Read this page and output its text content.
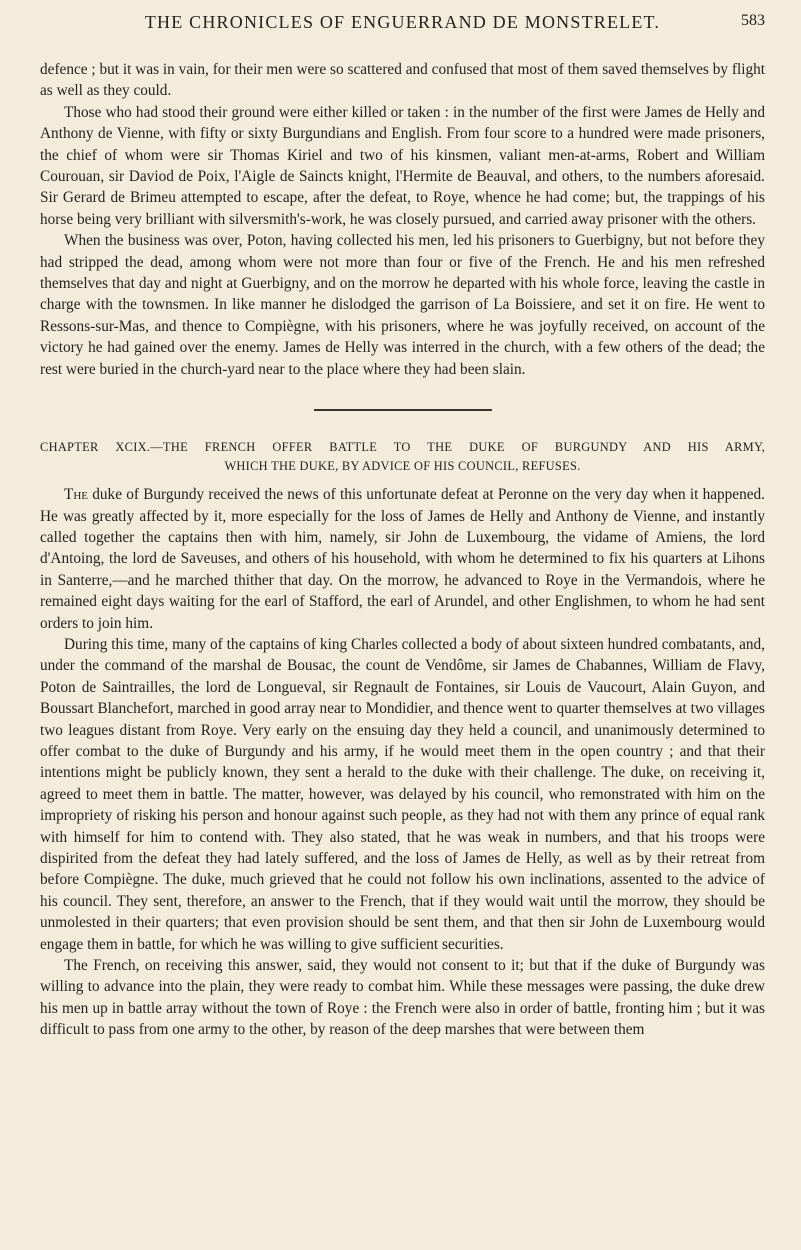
THE CHRONICLES OF ENGUERRAND DE MONSTRELET.	583

defence ; but it was in vain, for their men were so scattered and confused that most of them saved themselves by flight as well as they could.

Those who had stood their ground were either killed or taken : in the number of the first were James de Helly and Anthony de Vienne, with fifty or sixty Burgundians and English. From four score to a hundred were made prisoners, the chief of whom were sir Thomas Kiriel and two of his kinsmen, valiant men-at-arms, Robert and William Courouan, sir Daviod de Poix, l'Aigle de Saincts knight, l'Hermite de Beauval, and others, to the numbers aforesaid. Sir Gerard de Brimeu attempted to escape, after the defeat, to Roye, whence he had come; but, the trappings of his horse being very brilliant with silversmith's-work, he was closely pursued, and carried away prisoner with the others.

When the business was over, Poton, having collected his men, led his prisoners to Guerbigny, but not before they had stripped the dead, among whom were not more than four or five of the French. He and his men refreshed themselves that day and night at Guerbigny, and on the morrow he departed with his whole force, leaving the castle in charge with the townsmen. In like manner he dislodged the garrison of La Boissiere, and set it on fire. He went to Ressons-sur-Mas, and thence to Compiègne, with his prisoners, where he was joyfully received, on account of the victory he had gained over the enemy. James de Helly was interred in the church, with a few others of the dead; the rest were buried in the church-yard near to the place where they had been slain.

CHAPTER XCIX.—THE FRENCH OFFER BATTLE TO THE DUKE OF BURGUNDY AND HIS ARMY,
WHICH THE DUKE, BY ADVICE OF HIS COUNCIL, REFUSES.

The duke of Burgundy received the news of this unfortunate defeat at Peronne on the very day when it happened. He was greatly affected by it, more especially for the loss of James de Helly and Anthony de Vienne, and instantly called together the captains then with him, namely, sir John de Luxembourg, the vidame of Amiens, the lord d'Antoing, the lord de Saveuses, and others of his household, with whom he determined to fix his quarters at Lihons in Santerre,—and he marched thither that day. On the morrow, he advanced to Roye in the Vermandois, where he remained eight days waiting for the earl of Stafford, the earl of Arundel, and other Englishmen, to whom he had sent orders to join him.

During this time, many of the captains of king Charles collected a body of about sixteen hundred combatants, and, under the command of the marshal de Bousac, the count de Vendôme, sir James de Chabannes, William de Flavy, Poton de Saintrailles, the lord de Longueval, sir Regnault de Fontaines, sir Louis de Vaucourt, Alain Guyon, and Boussart Blanchefort, marched in good array near to Mondidier, and thence went to quarter themselves at two villages two leagues distant from Roye. Very early on the ensuing day they held a council, and unanimously determined to offer combat to the duke of Burgundy and his army, if he would meet them in the open country ; and that their intentions might be publicly known, they sent a herald to the duke with their challenge. The duke, on receiving it, agreed to meet them in battle. The matter, however, was delayed by his council, who remonstrated with him on the impropriety of risking his person and honour against such people, as they had not with them any prince of equal rank with himself for him to contend with. They also stated, that he was weak in numbers, and that his troops were dispirited from the defeat they had lately suffered, and the loss of James de Helly, as well as by their retreat from before Compiègne. The duke, much grieved that he could not follow his own inclinations, assented to the advice of his council. They sent, therefore, an answer to the French, that if they would wait until the morrow, they should be unmolested in their quarters; that even provision should be sent them, and that then sir John de Luxembourg would engage them in battle, for which he was willing to give sufficient securities.

The French, on receiving this answer, said, they would not consent to it; but that if the duke of Burgundy was willing to advance into the plain, they were ready to combat him. While these messages were passing, the duke drew his men up in battle array without the town of Roye : the French were also in order of battle, fronting him ; but it was difficult to pass from one army to the other, by reason of the deep marshes that were between them
